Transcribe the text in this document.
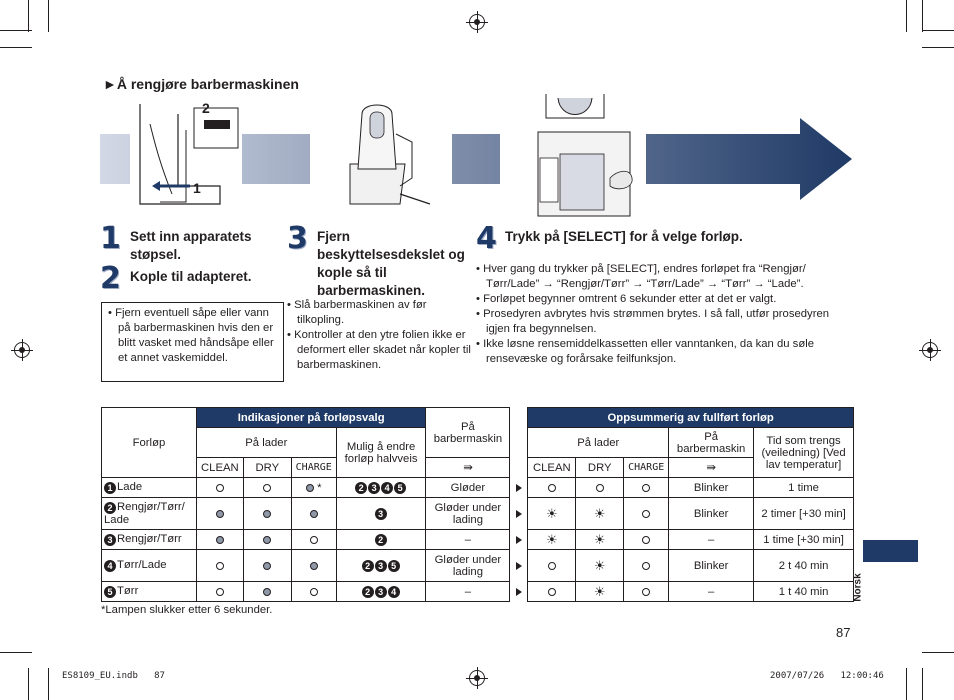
►Å rengjøre barbermaskinen
2
1
1 Sett inn apparatets støpsel.
2 Kople til adapteret.
• Fjern eventuell såpe eller vann på barbermaskinen hvis den er blitt vasket med håndsåpe eller et annet vaskemiddel.
3 Fjern beskyttelsesdekslet og kople så til barbermaskinen.
• Slå barbermaskinen av før tilkopling.
• Kontroller at den ytre folien ikke er deformert eller skadet når kopler til barbermaskinen.
4 Trykk på [SELECT] for å velge forløp.
• Hver gang du trykker på [SELECT], endres forløpet fra “Rengjør/ Tørr/Lade” → “Rengjør/Tørr” → “Tørr/Lade” → “Tørr” → “Lade”.
• Forløpet begynner omtrent 6 sekunder etter at det er valgt.
• Prosedyren avbrytes hvis strømmen brytes. I så fall, utfør prosedyren igjen fra begynnelsen.
• Ikke løsne rensemiddelkassetten eller vanntanken, da kan du søle rensevæske og forårsake feilfunksjon.
Forløp	Indikasjoner på forløpsvalg				På barbermaskin		Oppsummerig av fullført forløp				
	På lader			Mulig å endre forløp halvveis			På lader			På barbermaskin	Tid som trengs (veiledning) [Ved lav temperatur]
	CLEAN	DRY	CHARGE		⇛		CLEAN	DRY	CHARGE	⇛	
1 Lade			*	2 3 4 5	Gløder					Blinker	1 time
2 Rengjør/Tørr/ Lade				3	Gløder under lading		☀	☀		Blinker	2 timer [+30 min]
3 Rengjør/Tørr				2	–		☀	☀		–	1 time [+30 min]
4 Tørr/Lade				2 3 5	Gløder under lading			☀		Blinker	2 t 40 min
5 Tørr				2 3 4	–			☀		–	1 t 40 min
*Lampen slukker etter 6 sekunder.
Norsk
87
ES8109_EU.indb   87	2007/07/26   12:00:46
